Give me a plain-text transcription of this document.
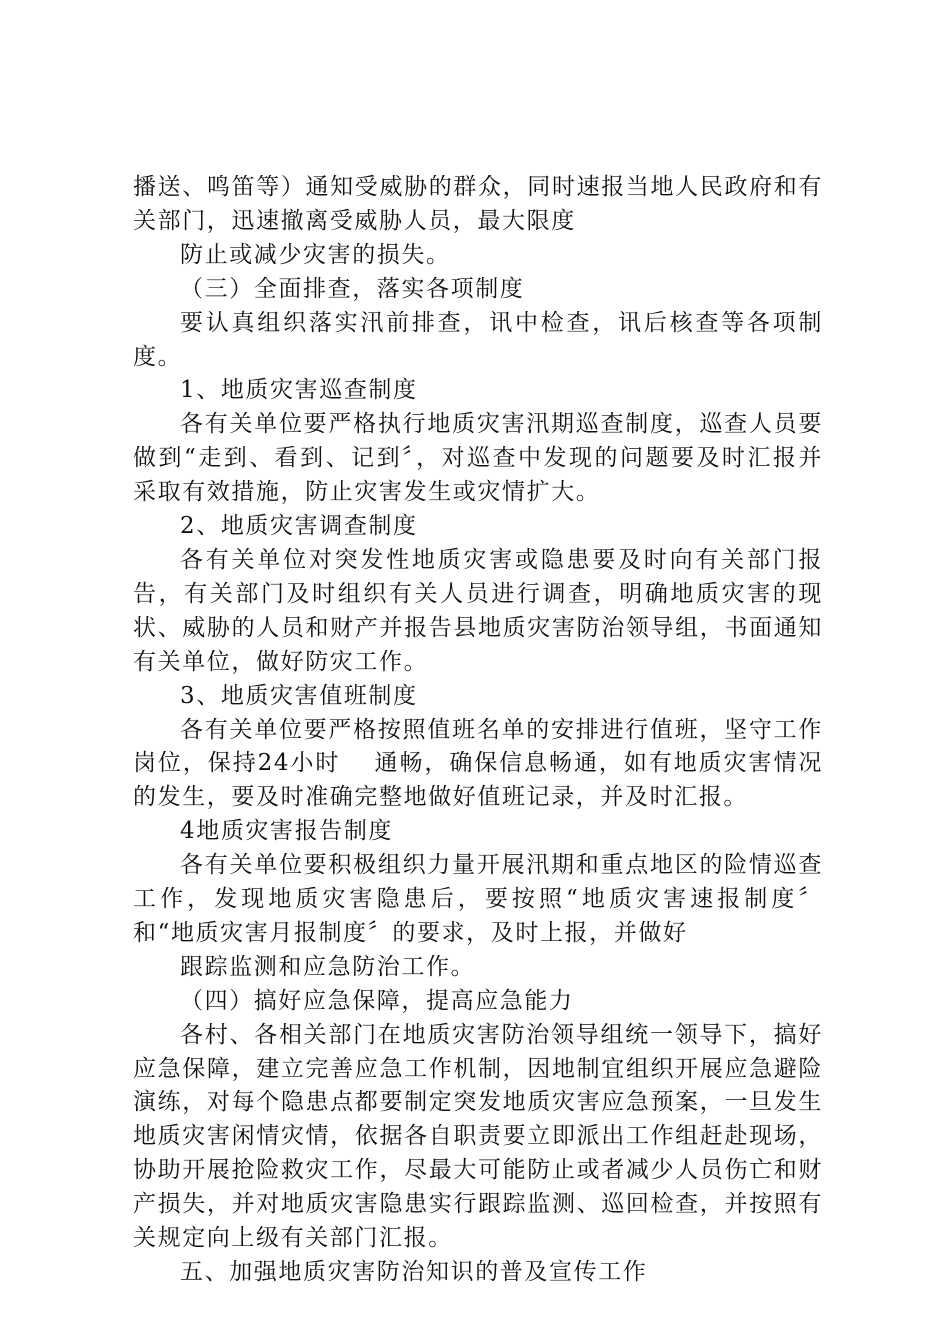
播送、鸣笛等）通知受威胁的群众，同时速报当地人民政府和有关部门，迅速撤离受威胁人员，最大限度

防止或减少灾害的损失。

（三）全面排查，落实各项制度

要认真组织落实汛前排查，讯中检查，讯后核查等各项制度。

1、地质灾害巡查制度

各有关单位要严格执行地质灾害汛期巡查制度，巡查人员要做到“走到、看到、记到〞，对巡查中发现的问题要及时汇报并采取有效措施，防止灾害发生或灾情扩大。

2、地质灾害调查制度

各有关单位对突发性地质灾害或隐患要及时向有关部门报告，有关部门及时组织有关人员进行调查，明确地质灾害的现状、威胁的人员和财产并报告县地质灾害防治领导组，书面通知有关单位，做好防灾工作。

3、地质灾害值班制度

各有关单位要严格按照值班名单的安排进行值班，坚守工作岗位，保持24小时　 通畅，确保信息畅通，如有地质灾害情况的发生，要及时准确完整地做好值班记录，并及时汇报。

4地质灾害报告制度

各有关单位要积极组织力量开展汛期和重点地区的险情巡查工作，发现地质灾害隐患后，要按照“地质灾害速报制度〞和“地质灾害月报制度〞的要求，及时上报，并做好

跟踪监测和应急防治工作。

（四）搞好应急保障，提高应急能力

各村、各相关部门在地质灾害防治领导组统一领导下，搞好应急保障，建立完善应急工作机制，因地制宜组织开展应急避险演练，对每个隐患点都要制定突发地质灾害应急预案，一旦发生地质灾害闲情灾情，依据各自职责要立即派出工作组赶赴现场，协助开展抢险救灾工作，尽最大可能防止或者减少人员伤亡和财产损失，并对地质灾害隐患实行跟踪监测、巡回检查，并按照有关规定向上级有关部门汇报。

五、加强地质灾害防治知识的普及宣传工作
